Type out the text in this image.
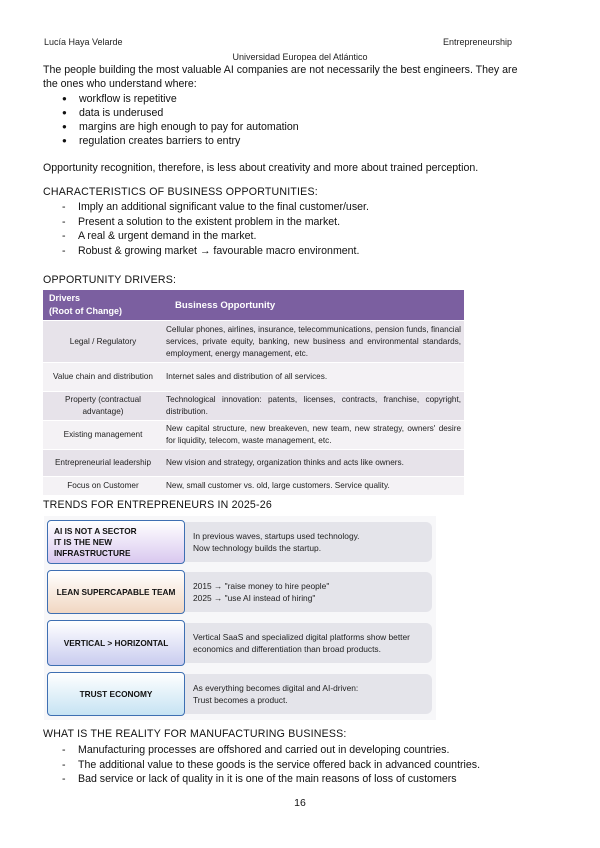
Lucía Haya Velarde	Entrepreneurship
Universidad Europea del Atlántico
The people building the most valuable AI companies are not necessarily the best engineers. They are
the ones who understand where:
● workflow is repetitive
● data is underused
● margins are high enough to pay for automation
● regulation creates barriers to entry
Opportunity recognition, therefore, is less about creativity and more about trained perception.
CHARACTERISTICS OF BUSINESS OPPORTUNITIES:
- Imply an additional significant value to the final customer/user.
- Present a solution to the existent problem in the market.
- A real & urgent demand in the market.
- Robust & growing market → favourable macro environment.
OPPORTUNITY DRIVERS:
Drivers
(Root of Change)	Business Opportunity
Legal / Regulatory	Cellular phones, airlines, insurance, telecommunications, pension funds, financial services, private equity, banking, new business and environmental standards, employment, energy management, etc.
Value chain and distribution	Internet sales and distribution of all services.
Property (contractual advantage)	Technological innovation: patents, licenses, contracts, franchise, copyright, distribution.
Existing management	New capital structure, new breakeven, new team, new strategy, owners' desire for liquidity, telecom, waste management, etc.
Entrepreneurial leadership	New vision and strategy, organization thinks and acts like owners.
Focus on Customer	New, small customer vs. old, large customers. Service quality.
TRENDS FOR ENTREPRENEURS IN 2025-26
AI IS NOT A SECTOR
IT IS THE NEW INFRASTRUCTURE
In previous waves, startups used technology.
Now technology builds the startup.
LEAN SUPERCAPABLE TEAM
2015 → "raise money to hire people"
2025 → "use AI instead of hiring"
VERTICAL > HORIZONTAL
Vertical SaaS and specialized digital platforms show better
economics and differentiation than broad products.
TRUST ECONOMY
As everything becomes digital and AI-driven:
Trust becomes a product.
WHAT IS THE REALITY FOR MANUFACTURING BUSINESS:
- Manufacturing processes are offshored and carried out in developing countries.
- The additional value to these goods is the service offered back in advanced countries.
- Bad service or lack of quality in it is one of the main reasons of loss of customers
16
